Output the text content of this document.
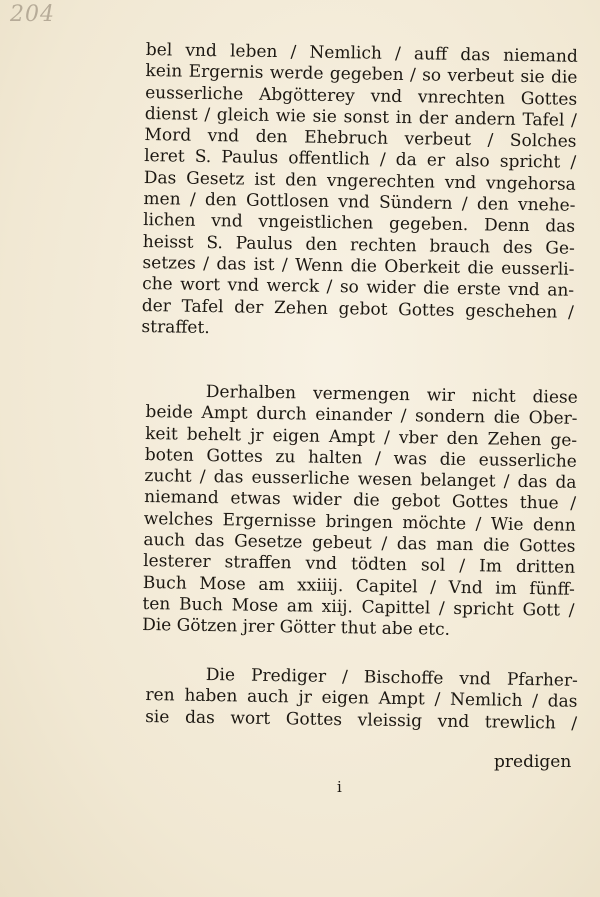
204
bel vnd leben / Nemlich / auff das niemand
kein Ergernis werde gegeben / so verbeut sie die
eusserliche Abgötterey vnd vnrechten Gottes
dienst / gleich wie sie sonst in der andern Tafel /
Mord vnd den Ehebruch verbeut / Solches
leret S. Paulus offentlich / da er also spricht /
Das Gesetz ist den vngerechten vnd vngehorsa
men / den Gottlosen vnd Sündern / den vnehe-
lichen vnd vngeistlichen gegeben. Denn das
heisst S. Paulus den rechten brauch des Ge-
setzes / das ist / Wenn die Oberkeit die eusserli-
che wort vnd werck / so wider die erste vnd an-
der Tafel der Zehen gebot Gottes geschehen /
straffet.
Derhalben vermengen wir nicht diese
beide Ampt durch einander / sondern die Ober-
keit behelt jr eigen Ampt / vber den Zehen ge-
boten Gottes zu halten / was die eusserliche
zucht / das eusserliche wesen belanget / das da
niemand etwas wider die gebot Gottes thue /
welches Ergernisse bringen möchte / Wie denn
auch das Gesetze gebeut / das man die Gottes
lesterer straffen vnd tödten sol / Im dritten
Buch Mose am xxiiij. Capitel / Vnd im fünff-
ten Buch Mose am xiij. Capittel / spricht Gott /
Die Götzen jrer Götter thut abe etc.
Die Prediger / Bischoffe vnd Pfarher-
ren haben auch jr eigen Ampt / Nemlich / das
sie das wort Gottes vleissig vnd trewlich /
predigen
i
